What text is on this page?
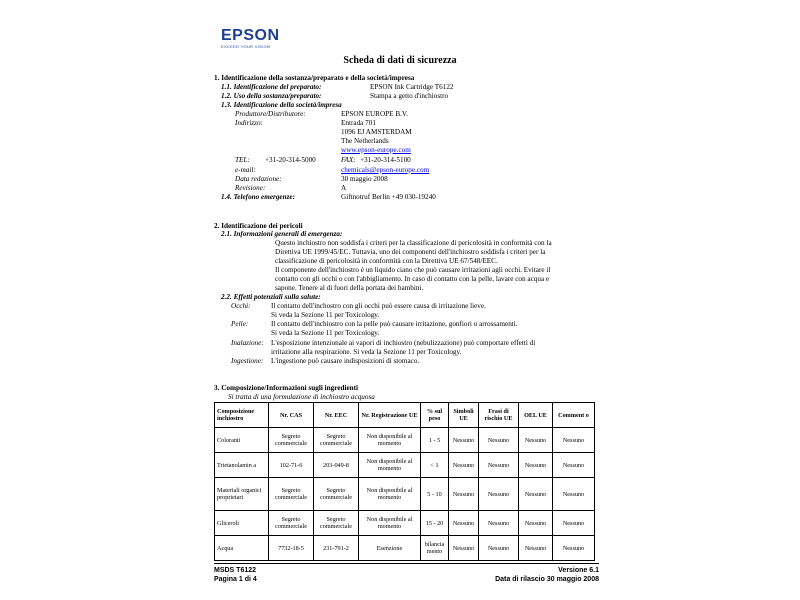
EPSON
EXCEED YOUR VISION
Scheda di dati di sicurezza
1. Identificazione della sostanza/preparato e della società/impresa
1.1. Identificazione del preparato:	EPSON Ink Cartridge T6122
1.2. Uso della sostanza/preparato:	Stampa a getto d'inchiostro
1.3. Identificazione della società/impresa
Produttore/Distributore:	EPSON EUROPE B.V.
Indirizzo:	Entrada 701
1096 EJ AMSTERDAM
The Netherlands
www.epson-europe.com
TEL: +31-20-314-5000	FAX: +31-20-314-5100
e-mail:	chemicals@epson-europe.com
Data redazione:	30 maggio 2008
Revisione:	A
1.4. Telefono emergenze:	Giftnotruf Berlin +49 030-19240
2. Identificazione dei pericoli
2.1. Informazioni generali di emergenza:
Questo inchiostro non soddisfa i criteri per la classificazione di pericolosità in conformità con la
Direttiva UE 1999/45/EC. Tuttavia, uno dei componenti dell'inchiostro soddisfa i criteri per la
classificazione di pericolosità in conformità con la Direttiva UE 67/548/EEC.
Il componente dell'inchiostro è un liquido ciano che può causare irritazioni agli occhi. Evitare il
contatto con gli occhi o con l'abbigliamento. In caso di contatto con la pelle, lavare con acqua e
sapone. Tenere al di fuori della portata dei bambini.
2.2. Effetti potenziali sulla salute:
Occhi:	Il contatto dell'inchostro con gli occhi può essere causa di irritazione lieve.
Si veda la Sezione 11 per Toxicology.
Pelle:	Il contatto dell'inchiostro con la pelle può causare irritazione, gonfiori o arrossamenti.
Si veda la Sezione 11 per Toxicology.
Inalazione: L'esposizione intenzionale ai vapori di inchiostro (nebulizzazione) può comportare effetti di
irritazione alla respirazione. Si veda la Sezione 11 per Toxicology.
Ingestione: L'ingestione può causare indisposizioni di stomaco.
3. Composizione/Informazioni sugli ingredienti
Si tratta di una formulazione di inchiostro acquosa
Composizione inchiostro	Nr. CAS	Nr. EEC	Nr. Registrazione UE	% sul peso	Simboli UE	Frasi di rischio UE	OEL UE	Comment o
Coloranti	Segreto commerciale	Segreto commerciale	Non disponibile al momento	1 - 5	Nessuno	Nessuno	Nessuno	Nessuno
Trietanolamin a	102-71-6	203-049-8	Non disponibile al momento	< 1	Nessuno	Nessuno	Nessuno	Nessuno
Materiali organici proprietari	Segreto commerciale	Segreto commerciale	Non disponibile al momento	5 - 10	Nessuno	Nessuno	Nessuno	Nessuno
Gliceroli	Segreto commerciale	Segreto commerciale	Non disponibile al momento	15 - 20	Nessuno	Nessuno	Nessuno	Nessuno
Acqua	7732-18-5	231-791-2	Esenzione	bilancia mento	Nessuno	Nessuno	Nessuno	Nessuno
MSDS T6122
Pagina 1 di 4
Versione 6.1
Data di rilascio 30 maggio 2008
